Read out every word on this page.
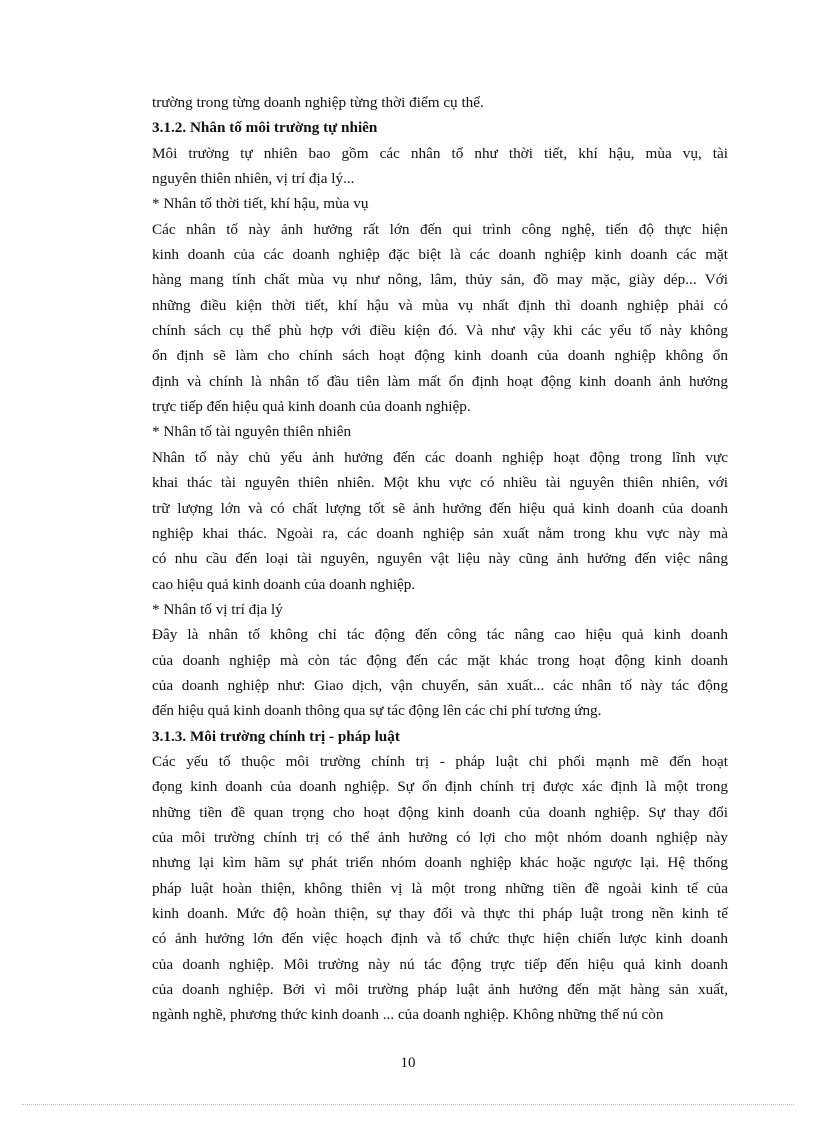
trường trong từng doanh nghiệp từng thời điểm cụ thể.
3.1.2. Nhân tố môi trường tự nhiên
Môi trường tự nhiên bao gồm các nhân tố như thời tiết, khí hậu, mùa vụ, tài
nguyên thiên nhiên, vị trí địa lý...
* Nhân tố thời tiết, khí hậu, mùa vụ
Các nhân tố này ảnh hưởng rất lớn đến qui trình công nghệ, tiến độ thực hiện
kinh doanh của các doanh nghiệp đặc biệt là các doanh nghiệp kinh doanh các mặt
hàng mang tính chất mùa vụ như nông, lâm, thủy sản, đồ may mặc, giày dép... Với
những điều kiện thời tiết, khí hậu và mùa vụ nhất định thì doanh nghiệp phải có
chính sách cụ thể phù hợp với điều kiện đó. Và như vậy khi các yếu tố này không
ổn định sẽ làm cho chính sách hoạt động kinh doanh của doanh nghiệp không ổn
định và chính là nhân tố đầu tiên làm mất ổn định hoạt động kinh doanh ảnh hưởng
trực tiếp đến hiệu quả kinh doanh của doanh nghiệp.
* Nhân tố tài nguyên thiên nhiên
Nhân tố này chủ yếu ảnh hưởng đến các doanh nghiệp hoạt động trong lĩnh vực
khai thác tài nguyên thiên nhiên. Một khu vực có nhiều tài nguyên thiên nhiên, với
trữ lượng lớn và có chất lượng tốt sẽ ảnh hưởng đến hiệu quả kinh doanh của doanh
nghiệp khai thác. Ngoài ra, các doanh nghiệp sản xuất nằm trong khu vực này mà
có nhu cầu đến loại tài nguyên, nguyên vật liệu này cũng ảnh hưởng đến việc nâng
cao hiệu quả kinh doanh của doanh nghiệp.
* Nhân tố vị trí địa lý
Đây là nhân tố không chỉ tác động đến công tác nâng cao hiệu quả kinh doanh
của doanh nghiệp mà còn tác động đến các mặt khác trong hoạt động kinh doanh
của doanh nghiệp như: Giao dịch, vận chuyển, sản xuất... các nhân tố này tác động
đến hiệu quả kinh doanh thông qua sự tác động lên các chi phí tương ứng.
3.1.3. Môi trường chính trị - pháp luật
Các yếu tố thuộc môi trường chính trị - pháp luật chi phối mạnh mẽ đến hoạt
đọng kinh doanh của doanh nghiệp. Sự ổn định chính trị được xác định là một trong
những tiền đề quan trọng cho hoạt động kinh doanh của doanh nghiệp. Sự thay đổi
của môi trường chính trị có thể ảnh hưởng có lợi cho một nhóm doanh nghiệp này
nhưng lại kìm hãm sự phát triển nhóm doanh nghiệp khác hoặc ngược lại. Hệ thống
pháp luật hoàn thiện, không thiên vị là một trong những tiền đề ngoài kinh tế của
kinh doanh. Mức độ hoàn thiện, sự thay đổi và thực thi pháp luật trong nền kinh tế
có ảnh hưởng lớn đến việc hoạch định và tổ chức thực hiện chiến lược kinh doanh
của doanh nghiệp. Môi trường này nú tác động trực tiếp đến hiệu quả kinh doanh
của doanh nghiệp. Bởi vì môi trường pháp luật ảnh hưởng đến mặt hàng sản xuất,
ngành nghề, phương thức kinh doanh ... của doanh nghiệp. Không những thế nú còn
10
